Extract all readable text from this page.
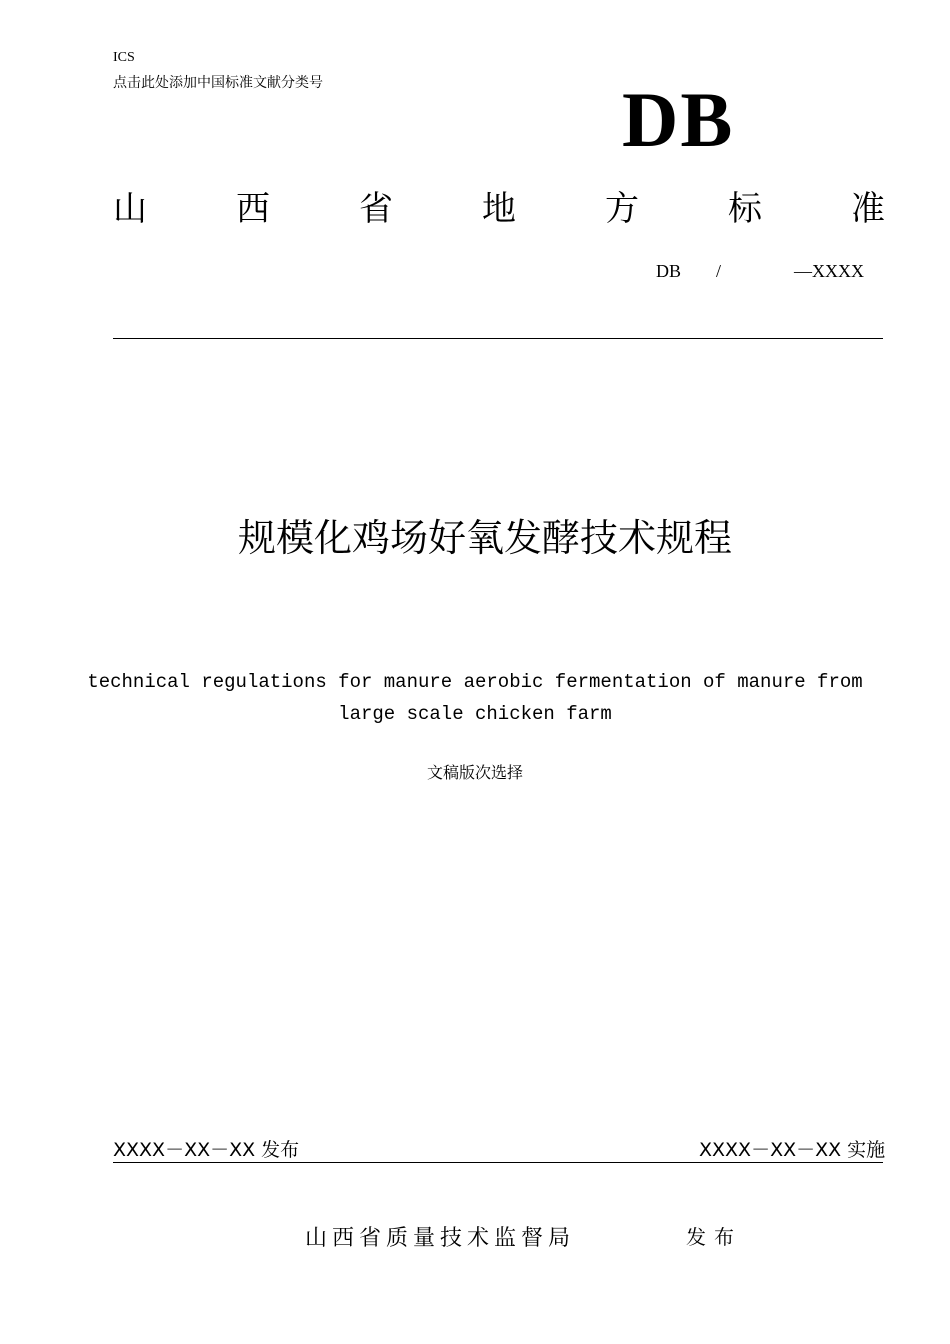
ICS
点击此处添加中国标准文献分类号	DB
山	西	省	地	方	标	准
DB /	—XXXX
规模化鸡场好氧发酵技术规程
technical regulations for manure aerobic fermentation of manure from
large scale chicken farm
文稿版次选择
XXXX－XX－XX 发布	XXXX－XX－XX 实施
山西省质量技术监督局	发布
